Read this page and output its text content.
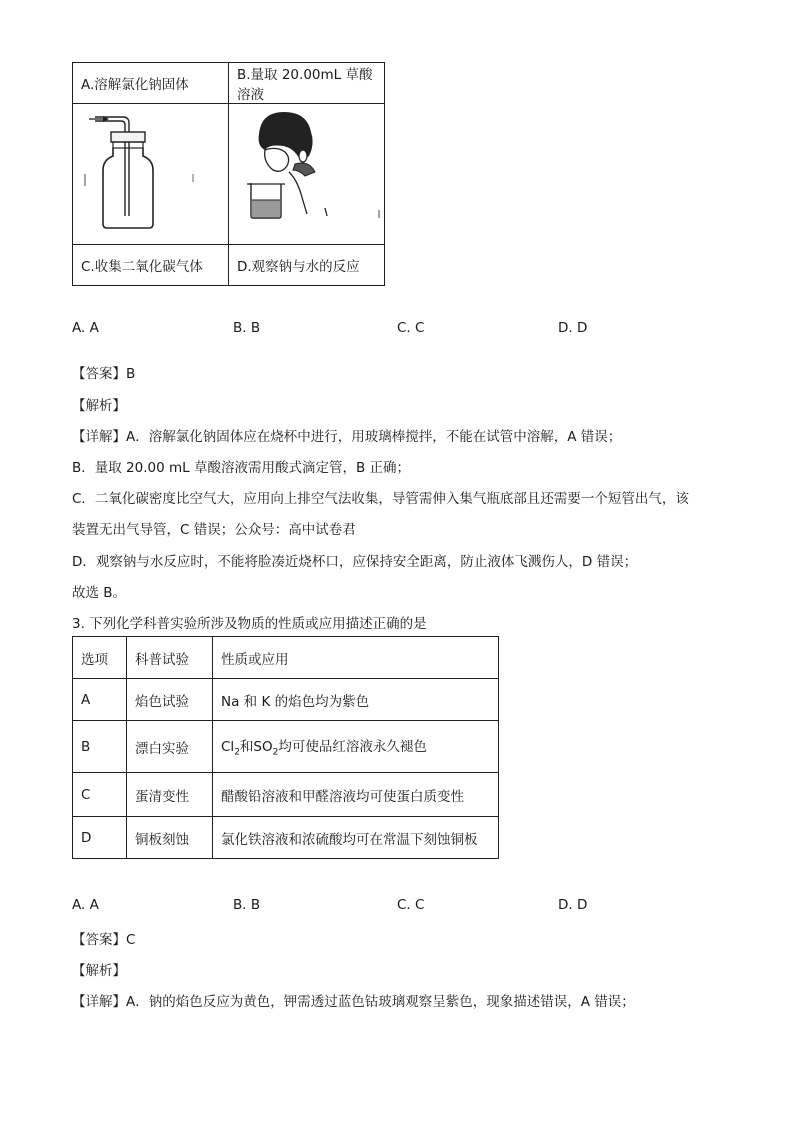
A.溶解氯化钠固体	B.量取 20.00mL 草酸溶液

C.收集二氧化碳气体	D.观察钠与水的反应
A. A	B. B	C. C	D. D
【答案】B
【解析】
【详解】A．溶解氯化钠固体应在烧杯中进行，用玻璃棒搅拌，不能在试管中溶解，A 错误；
B．量取 20.00 mL 草酸溶液需用酸式滴定管，B 正确；
C．二氧化碳密度比空气大，应用向上排空气法收集，导管需伸入集气瓶底部且还需要一个短管出气，该
装置无出气导管，C 错误；公众号：高中试卷君
D．观察钠与水反应时，不能将脸凑近烧杯口，应保持安全距离，防止液体飞溅伤人，D 错误；
故选 B。
3. 下列化学科普实验所涉及物质的性质或应用描述正确的是
选项	科普试验	性质或应用
A	焰色试验	Na 和 K 的焰色均为紫色
B	漂白实验	$Cl_2$和$SO_2$均可使品红溶液永久褪色
C	蛋清变性	醋酸铅溶液和甲醛溶液均可使蛋白质变性
D	铜板刻蚀	氯化铁溶液和浓硫酸均可在常温下刻蚀铜板
A. A	B. B	C. C	D. D
【答案】C
【解析】
【详解】A．钠的焰色反应为黄色，钾需透过蓝色钴玻璃观察呈紫色，现象描述错误，A 错误；
